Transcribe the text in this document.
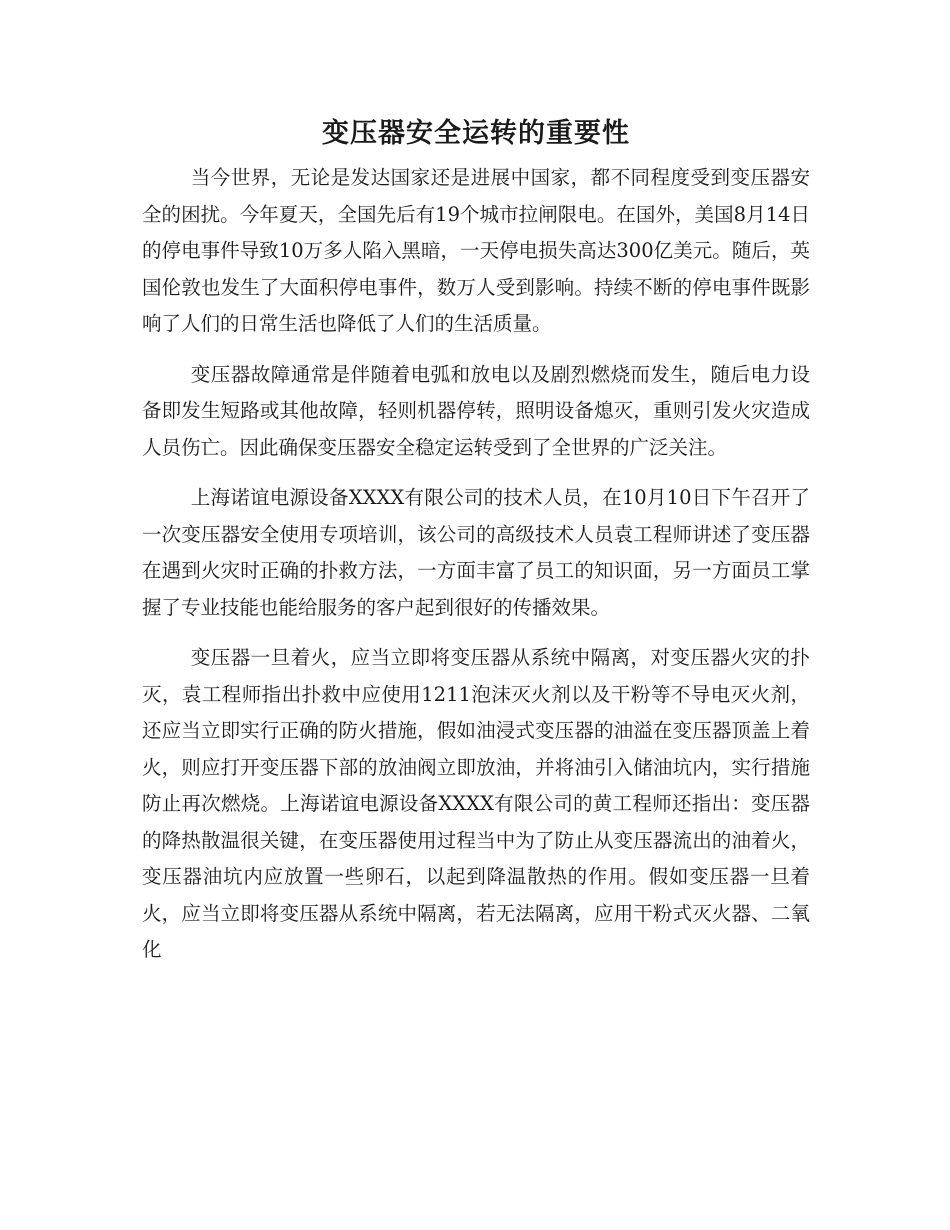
变压器安全运转的重要性

当今世界，无论是发达国家还是进展中国家，都不同程度受到变压器安全的困扰。今年夏天，全国先后有19个城市拉闸限电。在国外，美国8月14日的停电事件导致10万多人陷入黑暗，一天停电损失高达300亿美元。随后，英国伦敦也发生了大面积停电事件，数万人受到影响。持续不断的停电事件既影响了人们的日常生活也降低了人们的生活质量。

变压器故障通常是伴随着电弧和放电以及剧烈燃烧而发生，随后电力设备即发生短路或其他故障，轻则机器停转，照明设备熄灭，重则引发火灾造成人员伤亡。因此确保变压器安全稳定运转受到了全世界的广泛关注。

上海诺谊电源设备XXXX有限公司的技术人员，在10月10日下午召开了一次变压器安全使用专项培训，该公司的高级技术人员袁工程师讲述了变压器在遇到火灾时正确的扑救方法，一方面丰富了员工的知识面，另一方面员工掌握了专业技能也能给服务的客户起到很好的传播效果。

变压器一旦着火，应当立即将变压器从系统中隔离，对变压器火灾的扑灭，袁工程师指出扑救中应使用1211泡沫灭火剂以及干粉等不导电灭火剂，还应当立即实行正确的防火措施，假如油浸式变压器的油溢在变压器顶盖上着火，则应打开变压器下部的放油阀立即放油，并将油引入储油坑内，实行措施防止再次燃烧。上海诺谊电源设备XXXX有限公司的黄工程师还指出：变压器的降热散温很关键，在变压器使用过程当中为了防止从变压器流出的油着火，变压器油坑内应放置一些卵石，以起到降温散热的作用。假如变压器一旦着火，应当立即将变压器从系统中隔离，若无法隔离，应用干粉式灭火器、二氧化
